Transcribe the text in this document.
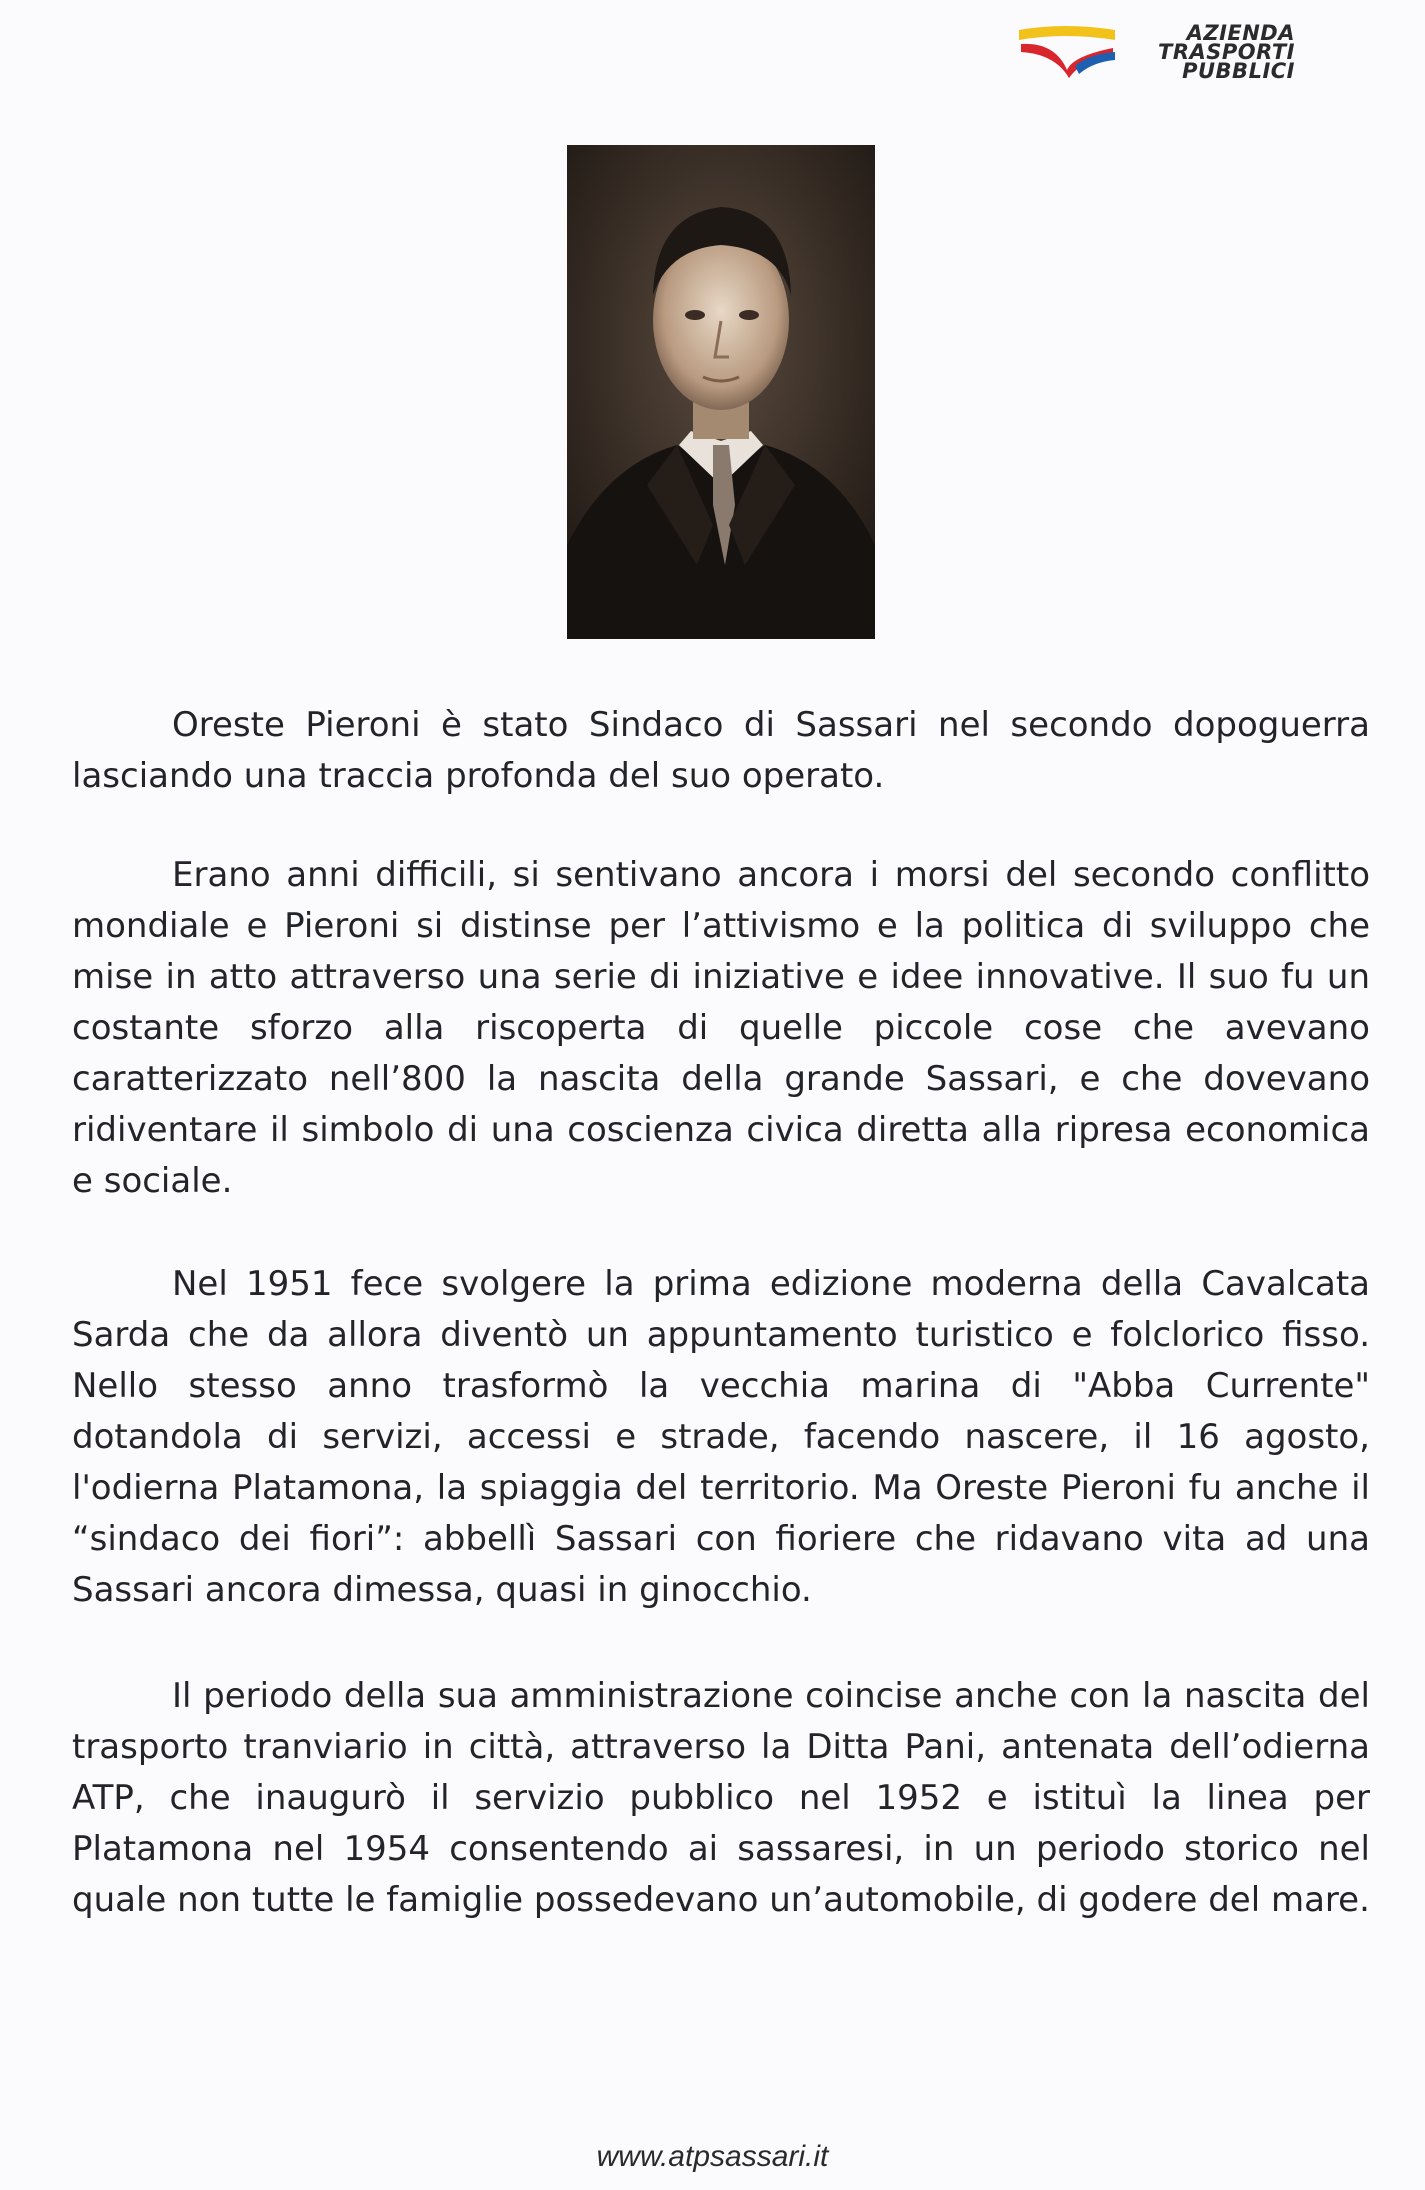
AZIENDA TRASPORTI PUBBLICI

Oreste Pieroni è stato Sindaco di Sassari nel secondo dopoguerra lasciando una traccia profonda del suo operato.

Erano anni difficili, si sentivano ancora i morsi del secondo conflitto mondiale e Pieroni si distinse per l’attivismo e la politica di sviluppo che mise in atto attraverso una serie di iniziative e idee innovative. Il suo fu un costante sforzo alla riscoperta di quelle piccole cose che avevano caratterizzato nell’800 la nascita della grande Sassari, e che dovevano ridiventare il simbolo di una coscienza civica diretta alla ripresa economica e sociale.

Nel 1951 fece svolgere la prima edizione moderna della Cavalcata Sarda che da allora diventò un appuntamento turistico e folclorico fisso. Nello stesso anno trasformò la vecchia marina di "Abba Currente" dotandola di servizi, accessi e strade, facendo nascere, il 16 agosto, l'odierna Platamona, la spiaggia del territorio. Ma Oreste Pieroni fu anche il “sindaco dei fiori”: abbellì Sassari con fioriere che ridavano vita ad una Sassari ancora dimessa, quasi in ginocchio.

Il periodo della sua amministrazione coincise anche con la nascita del trasporto tranviario in città, attraverso la Ditta Pani, antenata dell’odierna ATP, che inaugurò il servizio pubblico nel 1952 e istituì la linea per Platamona nel 1954 consentendo ai sassaresi, in un periodo storico nel quale non tutte le famiglie possedevano un’automobile, di godere del mare.

www.atpsassari.it
